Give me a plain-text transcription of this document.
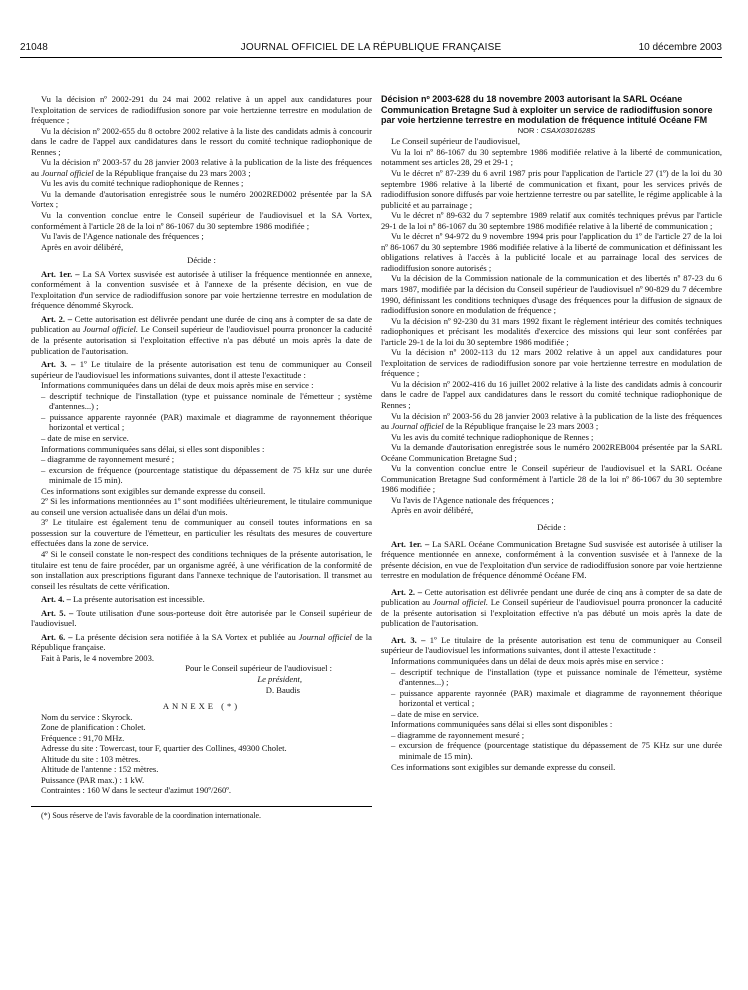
21048	JOURNAL OFFICIEL DE LA RÉPUBLIQUE FRANÇAISE	10 décembre 2003

Vu la décision nº 2002-291 du 24 mai 2002 relative à un appel aux candidatures pour l'exploitation de services de radiodiffusion sonore par voie hertzienne terrestre en modulation de fréquence ;

Vu la décision nº 2002-655 du 8 octobre 2002 relative à la liste des candidats admis à concourir dans le cadre de l'appel aux candidatures dans le ressort du comité technique radiophonique de Rennes ;

Vu la décision nº 2003-57 du 28 janvier 2003 relative à la publication de la liste des fréquences au Journal officiel de la République française du 23 mars 2003 ;

Vu les avis du comité technique radiophonique de Rennes ;

Vu la demande d'autorisation enregistrée sous le numéro 2002RED002 présentée par la SA Vortex ;

Vu la convention conclue entre le Conseil supérieur de l'audiovisuel et la SA Vortex, conformément à l'article 28 de la loi nº 86-1067 du 30 septembre 1986 modifiée ;

Vu l'avis de l'Agence nationale des fréquences ;

Après en avoir délibéré,

Décide :

Art. 1er. – La SA Vortex susvisée est autorisée à utiliser la fréquence mentionnée en annexe, conformément à la convention susvisée et à l'annexe de la présente décision, en vue de l'exploitation d'un service de radiodiffusion sonore par voie hertzienne terrestre en modulation de fréquence dénommé Skyrock.

Art. 2. – Cette autorisation est délivrée pendant une durée de cinq ans à compter de sa date de publication au Journal officiel. Le Conseil supérieur de l'audiovisuel pourra prononcer la caducité de la présente autorisation si l'exploitation effective n'a pas débuté un mois après la date de publication de l'autorisation.

Art. 3. – 1º Le titulaire de la présente autorisation est tenu de communiquer au Conseil supérieur de l'audiovisuel les informations suivantes, dont il atteste l'exactitude :

Informations communiquées dans un délai de deux mois après mise en service :

– descriptif technique de l'installation (type et puissance nominale de l'émetteur ; système d'antennes...) ;

– puissance apparente rayonnée (PAR) maximale et diagramme de rayonnement théorique horizontal et vertical ;

– date de mise en service.

Informations communiquées sans délai, si elles sont disponibles :

– diagramme de rayonnement mesuré ;

– excursion de fréquence (pourcentage statistique du dépassement de 75 kHz sur une durée minimale de 15 min).

Ces informations sont exigibles sur demande expresse du conseil.

2º Si les informations mentionnées au 1º sont modifiées ultérieurement, le titulaire communique au conseil une version actualisée dans un délai d'un mois.

3º Le titulaire est également tenu de communiquer au conseil toutes informations en sa possession sur la couverture de l'émetteur, en particulier les résultats des mesures de couverture effectuées dans la zone de service.

4º Si le conseil constate le non-respect des conditions techniques de la présente autorisation, le titulaire est tenu de faire procéder, par un organisme agréé, à une vérification de la conformité de son installation aux prescriptions figurant dans l'annexe technique de l'autorisation. Il transmet au conseil les résultats de cette vérification.

Art. 4. – La présente autorisation est incessible.

Art. 5. – Toute utilisation d'une sous-porteuse doit être autorisée par le Conseil supérieur de l'audiovisuel.

Art. 6. – La présente décision sera notifiée à la SA Vortex et publiée au Journal officiel de la République française.

Fait à Paris, le 4 novembre 2003.

Pour le Conseil supérieur de l'audiovisuel :

Le président,

D. Baudis

ANNEXE (*)

Nom du service : Skyrock.

Zone de planification : Cholet.

Fréquence : 91,70 MHz.

Adresse du site : Towercast, tour F, quartier des Collines, 49300 Cholet.

Altitude du site : 103 mètres.

Altitude de l'antenne : 152 mètres.

Puissance (PAR max.) : 1 kW.

Contraintes : 160 W dans le secteur d'azimut 190º/260º.

(*) Sous réserve de l'avis favorable de la coordination internationale.

Décision nº 2003-628 du 18 novembre 2003 autorisant la SARL Océane Communication Bretagne Sud à exploiter un service de radiodiffusion sonore par voie hertzienne terrestre en modulation de fréquence intitulé Océane FM

NOR : CSAX0301628S

Le Conseil supérieur de l'audiovisuel,

Vu la loi nº 86-1067 du 30 septembre 1986 modifiée relative à la liberté de communication, notamment ses articles 28, 29 et 29-1 ;

Vu le décret nº 87-239 du 6 avril 1987 pris pour l'application de l'article 27 (1º) de la loi du 30 septembre 1986 relative à la liberté de communication et fixant, pour les services privés de radiodiffusion sonore diffusés par voie hertzienne terrestre ou par satellite, le régime applicable à la publicité et au parrainage ;

Vu le décret nº 89-632 du 7 septembre 1989 relatif aux comités techniques prévus par l'article 29-1 de la loi nº 86-1067 du 30 septembre 1986 modifiée relative à la liberté de communication ;

Vu le décret nº 94-972 du 9 novembre 1994 pris pour l'application du 1º de l'article 27 de la loi nº 86-1067 du 30 septembre 1986 modifiée relative à la liberté de communication et définissant les obligations relatives à l'accès à la publicité locale et au parrainage local des services de radiodiffusion sonore autorisés ;

Vu la décision de la Commission nationale de la communication et des libertés nº 87-23 du 6 mars 1987, modifiée par la décision du Conseil supérieur de l'audiovisuel nº 90-829 du 7 décembre 1990, définissant les conditions techniques d'usage des fréquences pour la diffusion de signaux de radiodiffusion sonore en modulation de fréquence ;

Vu la décision nº 92-230 du 31 mars 1992 fixant le règlement intérieur des comités techniques radiophoniques et précisant les modalités d'exercice des missions qui leur sont conférées par l'article 29-1 de la loi du 30 septembre 1986 modifiée ;

Vu la décision nº 2002-113 du 12 mars 2002 relative à un appel aux candidatures pour l'exploitation de services de radiodiffusion sonore par voie hertzienne terrestre en modulation de fréquence ;

Vu la décision nº 2002-416 du 16 juillet 2002 relative à la liste des candidats admis à concourir dans le cadre de l'appel aux candidatures dans le ressort du comité technique radiophonique de Rennes ;

Vu la décision nº 2003-56 du 28 janvier 2003 relative à la publication de la liste des fréquences au Journal officiel de la République française le 23 mars 2003 ;

Vu les avis du comité technique radiophonique de Rennes ;

Vu la demande d'autorisation enregistrée sous le numéro 2002REB004 présentée par la SARL Océane Communication Bretagne Sud ;

Vu la convention conclue entre le Conseil supérieur de l'audiovisuel et la SARL Océane Communication Bretagne Sud conformément à l'article 28 de la loi nº 86-1067 du 30 septembre 1986 modifiée ;

Vu l'avis de l'Agence nationale des fréquences ;

Après en avoir délibéré,

Décide :

Art. 1er. – La SARL Océane Communication Bretagne Sud susvisée est autorisée à utiliser la fréquence mentionnée en annexe, conformément à la convention susvisée et à l'annexe de la présente décision, en vue de l'exploitation d'un service de radiodiffusion sonore par voie hertzienne terrestre en modulation de fréquence dénommé Océane FM.

Art. 2. – Cette autorisation est délivrée pendant une durée de cinq ans à compter de sa date de publication au Journal officiel. Le Conseil supérieur de l'audiovisuel pourra prononcer la caducité de la présente autorisation si l'exploitation effective n'a pas débuté un mois après la date de publication de l'autorisation.

Art. 3. – 1º Le titulaire de la présente autorisation est tenu de communiquer au Conseil supérieur de l'audiovisuel les informations suivantes, dont il atteste l'exactitude :

Informations communiquées dans un délai de deux mois après mise en service :

– descriptif technique de l'installation (type et puissance nominale de l'émetteur, système d'antennes...) ;

– puissance apparente rayonnée (PAR) maximale et diagramme de rayonnement théorique horizontal et vertical ;

– date de mise en service.

Informations communiquées sans délai si elles sont disponibles :

– diagramme de rayonnement mesuré ;

– excursion de fréquence (pourcentage statistique du dépassement de 75 KHz sur une durée minimale de 15 min).

Ces informations sont exigibles sur demande expresse du conseil.
